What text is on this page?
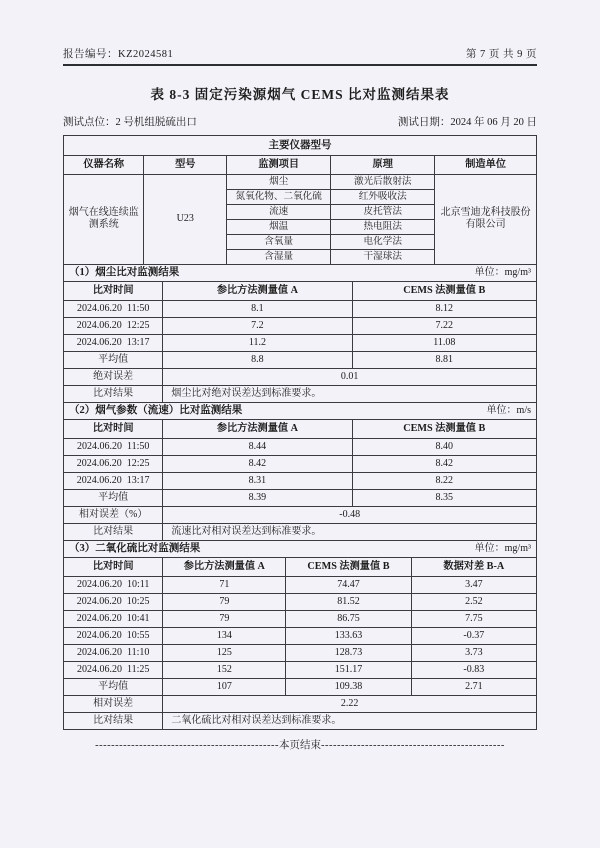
报告编号：KZ2024581	第 7 页 共 9 页
表 8-3 固定污染源烟气 CEMS 比对监测结果表
测试点位：2 号机组脱硫出口	测试日期：2024 年 06 月 20 日
主要仪器型号				
仪器名称	型号	监测项目	原理	制造单位
烟气在线连续监测系统	U23	烟尘	激光后散射法	北京雪迪龙科技股份有限公司
		氮氧化物、二氧化硫	红外吸收法	
		流速	皮托管法	
		烟温	热电阻法	
		含氧量	电化学法	
		含湿量	干湿球法	
（1）烟尘比对监测结果 单位：mg/m³		

比对时间	参比方法测量值 A	CEMS 法测量值 B
2024.06.20  11:50	8.1	8.12
2024.06.20  12:25	7.2	7.22
2024.06.20  13:17	11.2	11.08
平均值	8.8	8.81
绝对误差	0.01	
比对结果	烟尘比对绝对误差达到标准要求。	
（2）烟气参数（流速）比对监测结果 单位：m/s		

比对时间	参比方法测量值 A	CEMS 法测量值 B
2024.06.20  11:50	8.44	8.40
2024.06.20  12:25	8.42	8.42
2024.06.20  13:17	8.31	8.22
平均值	8.39	8.35
相对误差（%）	-0.48	
比对结果	流速比对相对误差达到标准要求。	
（3）二氧化硫比对监测结果 单位：mg/m³			

比对时间	参比方法测量值 A	CEMS 法测量值 B	数据对差 B-A
2024.06.20  10:11	71	74.47	3.47
2024.06.20  10:25	79	81.52	2.52
2024.06.20  10:41	79	86.75	7.75
2024.06.20  10:55	134	133.63	-0.37
2024.06.20  11:10	125	128.73	3.73
2024.06.20  11:25	152	151.17	-0.83
平均值	107	109.38	2.71
相对误差	2.22		
比对结果	二氧化硫比对相对误差达到标准要求。		
----------------------------------------------本页结束----------------------------------------------
